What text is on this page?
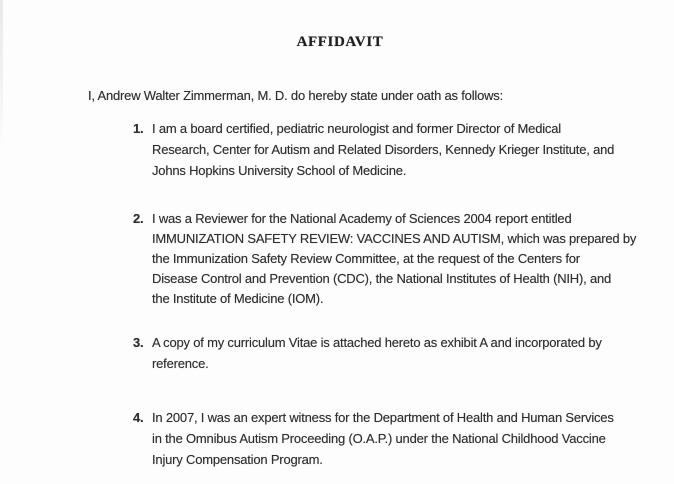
AFFIDAVIT
I, Andrew Walter Zimmerman, M. D. do hereby state under oath as follows:
1. I am a board certified, pediatric neurologist and former Director of Medical
Research, Center for Autism and Related Disorders, Kennedy Krieger Institute, and
Johns Hopkins University School of Medicine.
2. I was a Reviewer for the National Academy of Sciences 2004 report entitled
IMMUNIZATION SAFETY REVIEW: VACCINES AND AUTISM, which was prepared by
the Immunization Safety Review Committee, at the request of the Centers for
Disease Control and Prevention (CDC), the National Institutes of Health (NIH), and
the Institute of Medicine (IOM).
3. A copy of my curriculum Vitae is attached hereto as exhibit A and incorporated by
reference.
4. In 2007, I was an expert witness for the Department of Health and Human Services
in the Omnibus Autism Proceeding (O.A.P.) under the National Childhood Vaccine
Injury Compensation Program.
